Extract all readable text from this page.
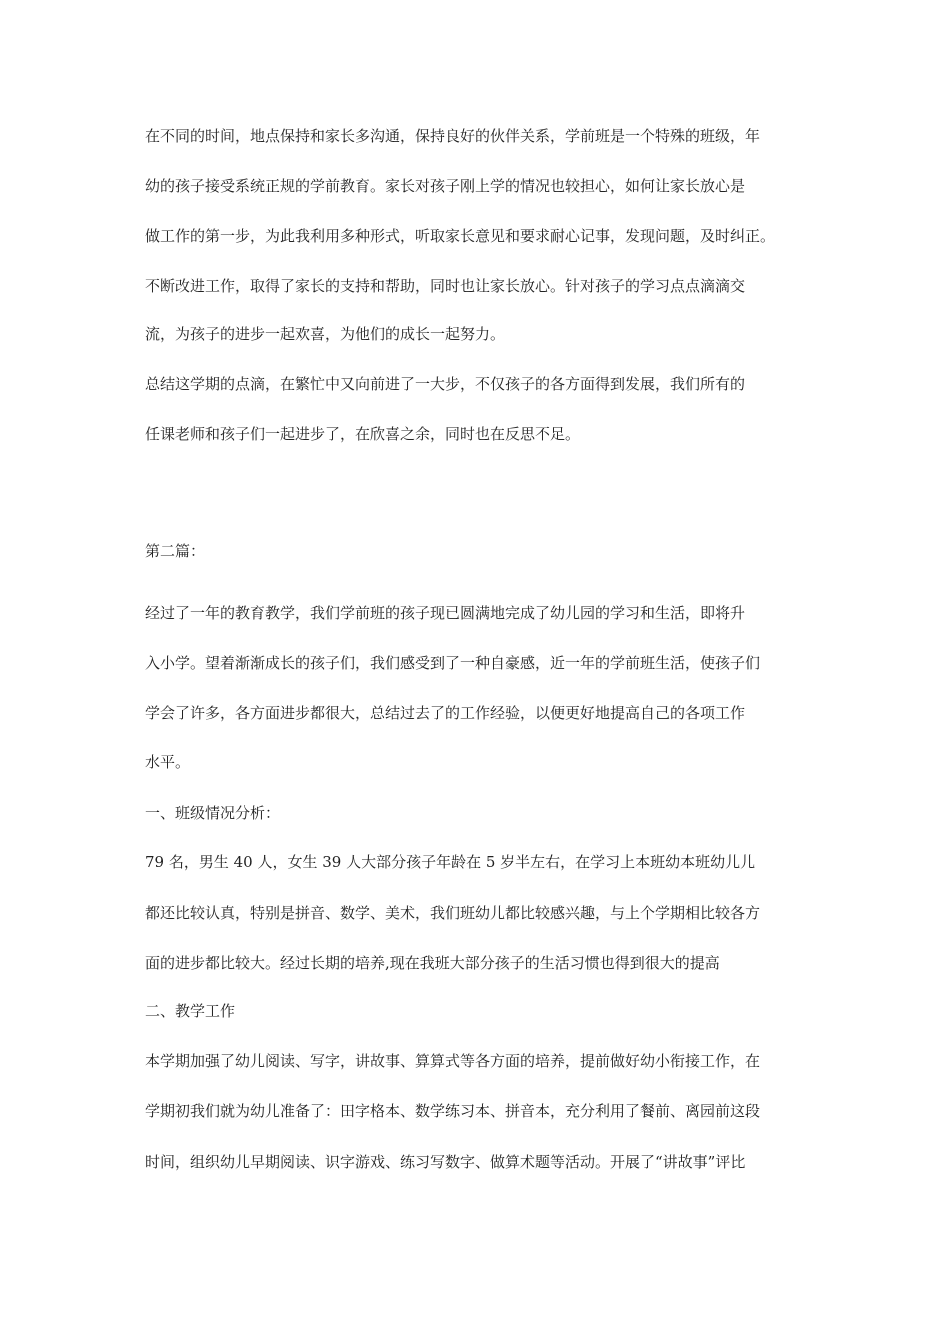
在不同的时间，地点保持和家长多沟通，保持良好的伙伴关系，学前班是一个特殊的班级，年
幼的孩子接受系统正规的学前教育。家长对孩子刚上学的情况也较担心，如何让家长放心是
做工作的第一步，为此我利用多种形式，听取家长意见和要求耐心记事，发现问题，及时纠正。
不断改进工作，取得了家长的支持和帮助，同时也让家长放心。针对孩子的学习点点滴滴交
流，为孩子的进步一起欢喜，为他们的成长一起努力。
总结这学期的点滴，在繁忙中又向前进了一大步，不仅孩子的各方面得到发展，我们所有的
任课老师和孩子们一起进步了，在欣喜之余，同时也在反思不足。
第二篇：
经过了一年的教育教学，我们学前班的孩子现已圆满地完成了幼儿园的学习和生活，即将升
入小学。望着渐渐成长的孩子们，我们感受到了一种自豪感，近一年的学前班生活，使孩子们
学会了许多，各方面进步都很大，总结过去了的工作经验，以便更好地提高自己的各项工作
水平。
一、班级情况分析：
79 名，男生 40 人，女生 39 人大部分孩子年龄在 5 岁半左右，在学习上本班幼本班幼儿儿
都还比较认真，特别是拼音、数学、美术，我们班幼儿都比较感兴趣，与上个学期相比较各方
面的进步都比较大。经过长期的培养,现在我班大部分孩子的生活习惯也得到很大的提高
二、教学工作
本学期加强了幼儿阅读、写字，讲故事、算算式等各方面的培养，提前做好幼小衔接工作，在
学期初我们就为幼儿准备了：田字格本、数学练习本、拼音本，充分利用了餐前、离园前这段
时间，组织幼儿早期阅读、识字游戏、练习写数字、做算术题等活动。开展了“讲故事”评比
